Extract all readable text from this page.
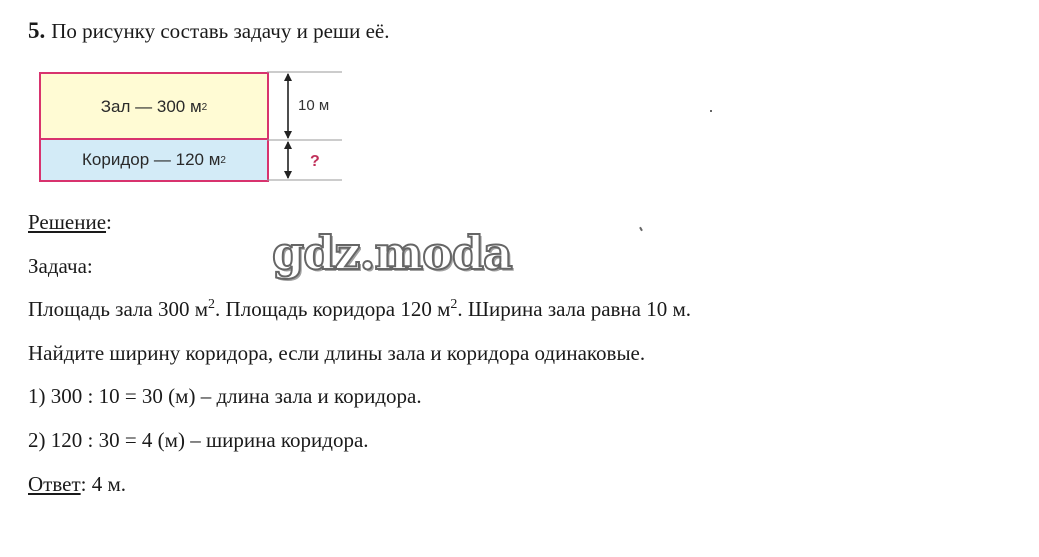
5. По рисунку составь задачу и реши её.
Зал — 300 м 2
Коридор — 120 м 2
10 м
?
Решение:
Задача:
Площадь зала 300 $м^2$. Площадь коридора 120 $м^2$. Ширина зала равна 10 м.
Найдите ширину коридора, если длины зала и коридора одинаковые.
1) 300 : 10 = 30 (м) – длина зала и коридора.
2) 120 : 30 = 4 (м) – ширина коридора.
Ответ: 4 м.
gdz.moda
